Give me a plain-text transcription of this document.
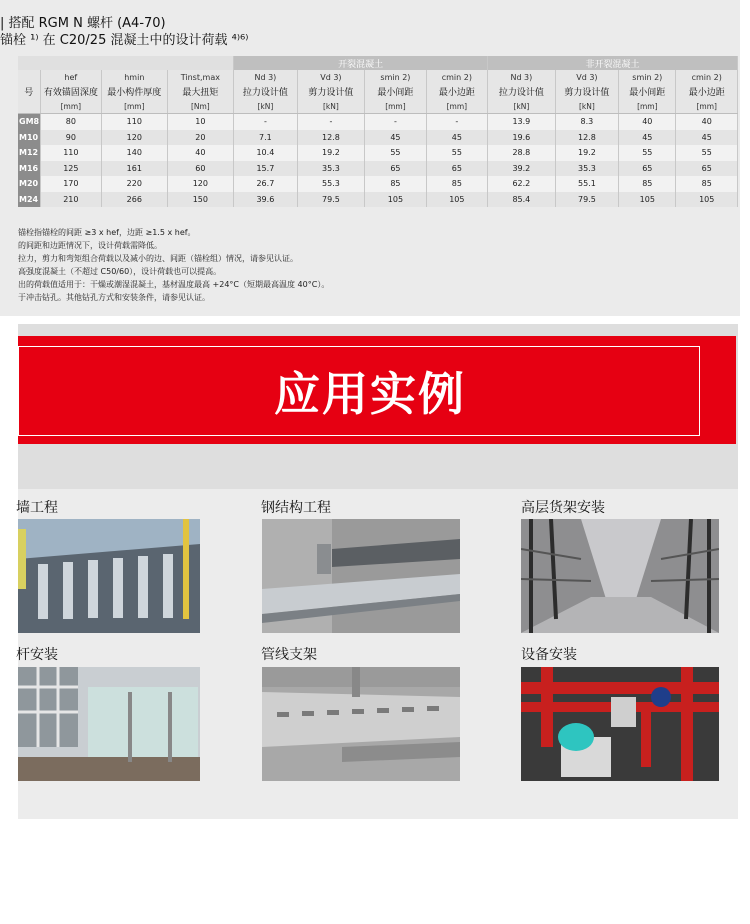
| 搭配 RGM N 螺杆 (A4-70)
锚栓 ¹⁾ 在 C20/25 混凝土中的设计荷载 ⁴⁾⁶⁾
				开裂混凝土				非开裂混凝土			
	hef	hmin	Tinst,max	Nd 3)	Vd 3)	smin 2)	cmin 2)	Nd 3)	Vd 3)	smin 2)	cmin 2)
号	有效锚固深度	最小构件厚度	最大扭矩	拉力设计值	剪力设计值	最小间距	最小边距	拉力设计值	剪力设计值	最小间距	最小边距
	[mm]	[mm]	[Nm]	[kN]	[kN]	[mm]	[mm]	[kN]	[kN]	[mm]	[mm]
GM8	80	110	10	-	-	-	-	13.9	8.3	40	40
M10	90	120	20	7.1	12.8	45	45	19.6	12.8	45	45
M12	110	140	40	10.4	19.2	55	55	28.8	19.2	55	55
M16	125	161	60	15.7	35.3	65	65	39.2	35.3	65	65
M20	170	220	120	26.7	55.3	85	85	62.2	55.1	85	85
M24	210	266	150	39.6	79.5	105	105	85.4	79.5	105	105
锚栓指锚栓的间距 ≥3 x hef，边距 ≥1.5 x hef。
的间距和边距情况下，设计荷载需降低。
拉力，剪力和弯矩组合荷载以及减小的边、间距（锚栓组）情况，请参见认证。
高强度混凝土（不超过 C50/60），设计荷载也可以提高。
出的荷载值适用于：干燥或潮湿混凝土，基材温度最高 +24°C（短期最高温度 40°C）。
于冲击钻孔。其他钻孔方式和安装条件，请参见认证。
应用实例
墙工程	钢结构工程	高层货架安装
杆安装	管线支架	设备安装
